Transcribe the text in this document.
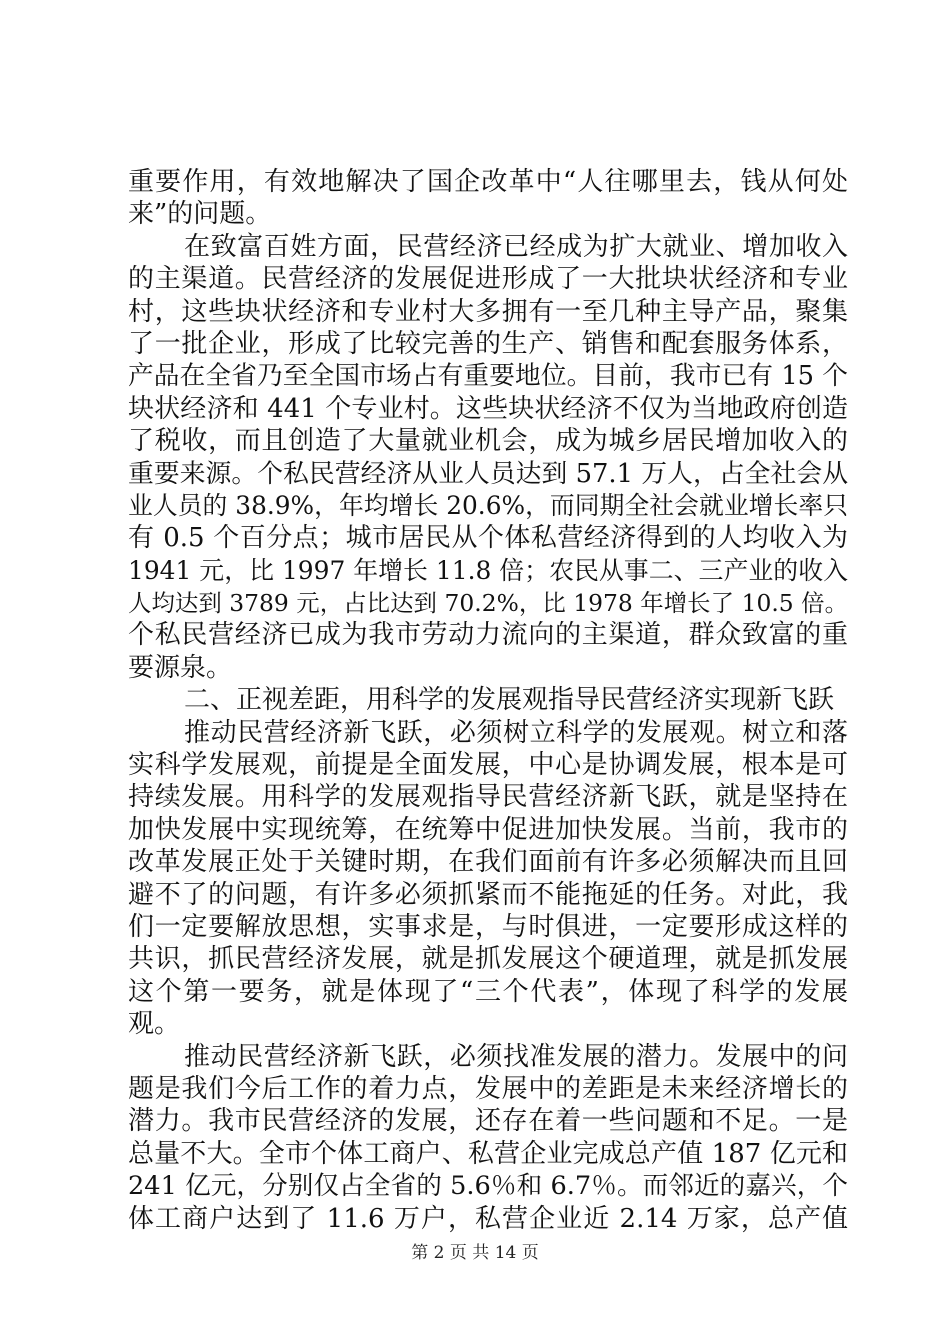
重要作用，有效地解决了国企改革中“人往哪里去，钱从何处
来”的问题。
在致富百姓方面，民营经济已经成为扩大就业、增加收入
的主渠道。民营经济的发展促进形成了一大批块状经济和专业
村，这些块状经济和专业村大多拥有一至几种主导产品，聚集
了一批企业，形成了比较完善的生产、销售和配套服务体系，
产品在全省乃至全国市场占有重要地位。目前，我市已有 15 个
块状经济和 441 个专业村。这些块状经济不仅为当地政府创造
了税收，而且创造了大量就业机会，成为城乡居民增加收入的
重要来源。个私民营经济从业人员达到 57.1 万人，占全社会从
业人员的 38.9%，年均增长 20.6%，而同期全社会就业增长率只
有 0.5 个百分点；城市居民从个体私营经济得到的人均收入为
1941 元，比 1997 年增长 11.8 倍；农民从事二、三产业的收入
人均达到 3789 元，占比达到 70.2%，比 1978 年增长了 10.5 倍。
个私民营经济已成为我市劳动力流向的主渠道，群众致富的重
要源泉。
二、正视差距，用科学的发展观指导民营经济实现新飞跃
推动民营经济新飞跃，必须树立科学的发展观。树立和落
实科学发展观，前提是全面发展，中心是协调发展，根本是可
持续发展。用科学的发展观指导民营经济新飞跃，就是坚持在
加快发展中实现统筹，在统筹中促进加快发展。当前，我市的
改革发展正处于关键时期，在我们面前有许多必须解决而且回
避不了的问题，有许多必须抓紧而不能拖延的任务。对此，我
们一定要解放思想，实事求是，与时俱进，一定要形成这样的
共识，抓民营经济发展，就是抓发展这个硬道理，就是抓发展
这个第一要务，就是体现了“三个代表”，体现了科学的发展
观。
推动民营经济新飞跃，必须找准发展的潜力。发展中的问
题是我们今后工作的着力点，发展中的差距是未来经济增长的
潜力。我市民营经济的发展，还存在着一些问题和不足。一是
总量不大。全市个体工商户、私营企业完成总产值 187 亿元和
241 亿元，分别仅占全省的 5.6％和 6.7％。而邻近的嘉兴，个
体工商户达到了 11.6 万户，私营企业近 2.14 万家，总产值
第 2 页 共 14 页
